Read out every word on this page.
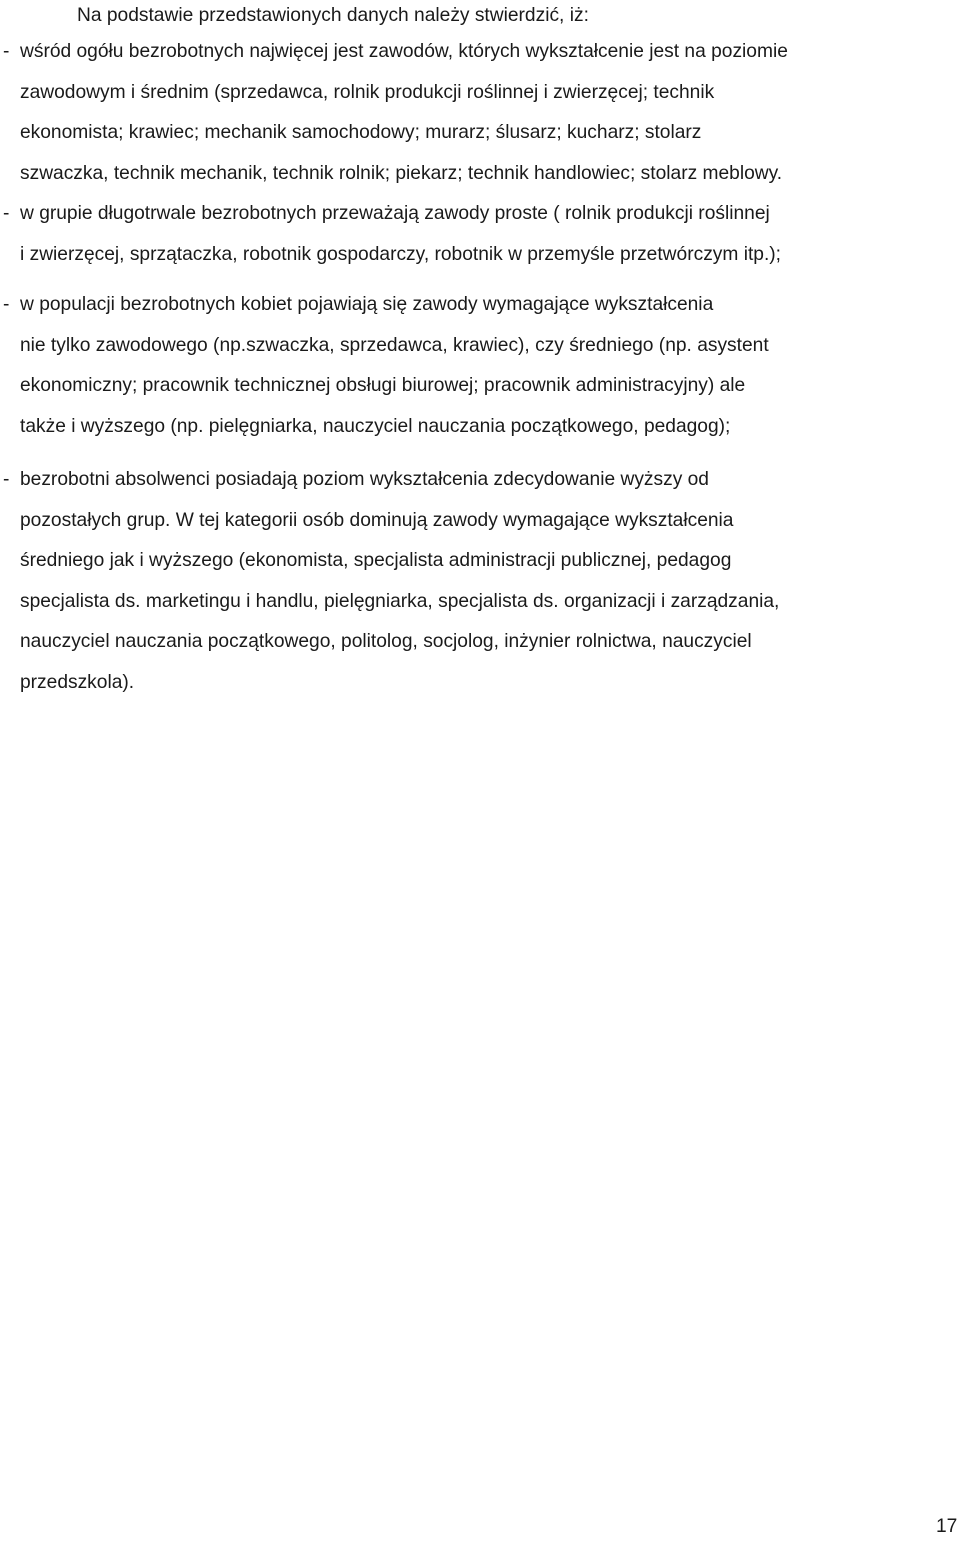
Na podstawie przedstawionych danych należy stwierdzić, iż:

- wśród ogółu bezrobotnych najwięcej jest zawodów, których wykształcenie jest na poziomie
zawodowym i średnim (sprzedawca, rolnik produkcji roślinnej i zwierzęcej; technik
ekonomista; krawiec; mechanik samochodowy; murarz; ślusarz; kucharz; stolarz
szwaczka, technik mechanik, technik rolnik; piekarz; technik handlowiec; stolarz meblowy.

- w grupie długotrwale bezrobotnych przeważają zawody proste ( rolnik produkcji roślinnej
i zwierzęcej, sprzątaczka, robotnik gospodarczy, robotnik w przemyśle przetwórczym itp.);

- w populacji bezrobotnych kobiet pojawiają się zawody wymagające wykształcenia
nie tylko zawodowego (np.szwaczka, sprzedawca, krawiec), czy średniego (np. asystent
ekonomiczny; pracownik technicznej obsługi biurowej; pracownik administracyjny) ale
także i wyższego (np. pielęgniarka, nauczyciel nauczania początkowego, pedagog);

- bezrobotni absolwenci posiadają poziom wykształcenia zdecydowanie wyższy od
pozostałych grup. W tej kategorii osób dominują zawody wymagające wykształcenia
średniego jak i wyższego (ekonomista, specjalista administracji publicznej, pedagog
specjalista ds. marketingu i handlu, pielęgniarka, specjalista ds. organizacji i zarządzania,
nauczyciel nauczania początkowego, politolog, socjolog, inżynier rolnictwa, nauczyciel
przedszkola).

17
